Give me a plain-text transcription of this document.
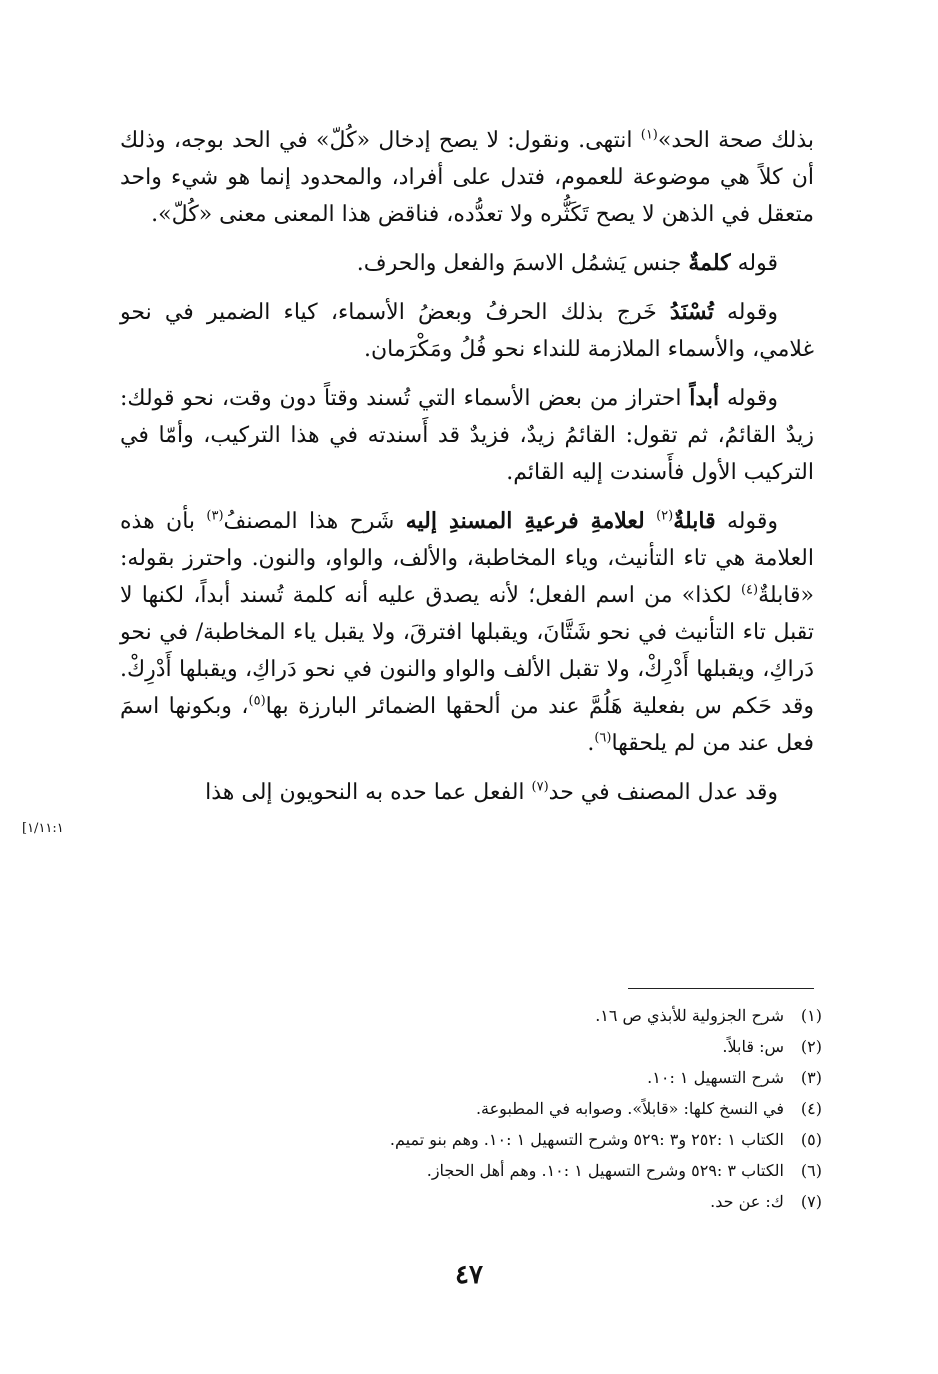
بذلك صحة الحد»$^{(١)}$ انتهى. ونقول: لا يصح إدخال «كُلّ» في الحد بوجه، وذلك أن كلاً هي موضوعة للعموم، فتدل على أفراد، والمحدود إنما هو شيء واحد متعقل في الذهن لا يصح تَكَثُّره ولا تعدُّده، فناقض هذا المعنى معنى «كُلّ».

قوله كلمةٌ جنس يَشمُل الاسمَ والفعل والحرف.

وقوله تُسْنَدُ خَرج بذلك الحرفُ وبعضُ الأسماء، كياء الضمير في نحو غلامي، والأسماء الملازمة للنداء نحو فُلُ ومَكْرَمان.

وقوله أبداً احتراز من بعض الأسماء التي تُسند وقتاً دون وقت، نحو قولك: زيدٌ القائمُ، ثم تقول: القائمُ زيدٌ، فزيدٌ قد أَسندته في هذا التركيب، وأمّا في التركيب الأول فأَسندت إليه القائم.

وقوله قابلةٌ$^{(٢)}$ لعلامةِ فرعيةِ المسندِ إليه شَرح هذا المصنفُ$^{(٣)}$ بأن هذه العلامة هي تاء التأنيث، وياء المخاطبة، والألف، والواو، والنون. واحترز بقوله: «قابلةٌ$^{(٤)}$ لكذا» من اسم الفعل؛ لأنه يصدق عليه أنه كلمة تُسند أبداً، لكنها لا تقبل تاء التأنيث في نحو شَتَّانَ، ويقبلها افترقَ، ولا يقبل ياء المخاطبة/ في نحو دَراكِ، ويقبلها أَدْرِكْ، ولا تقبل الألف والواو والنون في نحو دَراكِ، ويقبلها أَدْرِكْ. وقد حَكم س بفعلية هَلُمَّ عند من ألحقها الضمائر البارزة بها$^{(٥)}$، وبكونها اسمَ فعل عند من لم يلحقها$^{(٦)}$.

وقد عدل المصنف في حد$^{(٧)}$ الفعل عما حده به النحويون إلى هذا

[١/١١:١
(١)شرح الجزولية للأبذي ص ١٦.
(٢)س: قابلاً.
(٣)شرح التسهيل ١ :١٠.
(٤)في النسخ كلها: «قابلاً». وصوابه في المطبوعة.
(٥)الكتاب ١ :٢٥٢ و٣ :٥٢٩ وشرح التسهيل ١ :١٠. وهم بنو تميم.
(٦)الكتاب ٣ :٥٢٩ وشرح التسهيل ١ :١٠. وهم أهل الحجاز.
(٧)ك: عن حد.
٤٧
